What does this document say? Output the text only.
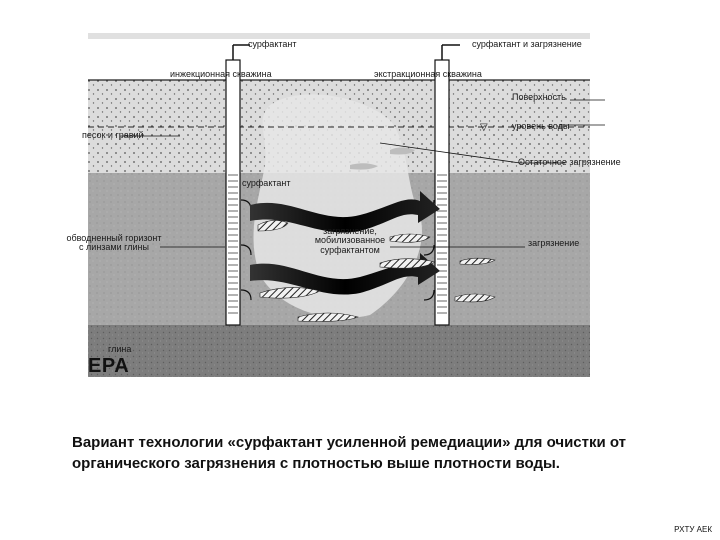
▽
сурфактант	сурфактант и загрязнение
инжекционная скважина	экстракционная скважина
Поверхность
песок и гравий
уровень воды
Остаточное загрязнение
сурфактант
обводненный горизонт с линзами глины
загрязнение, мобилизованное сурфактантом
загрязнение
глина
EPA
Вариант технологии «сурфактант усиленной ремедиации» для очистки от органического загрязнения с плотностью выше плотности воды.
РХТУ АЕК
